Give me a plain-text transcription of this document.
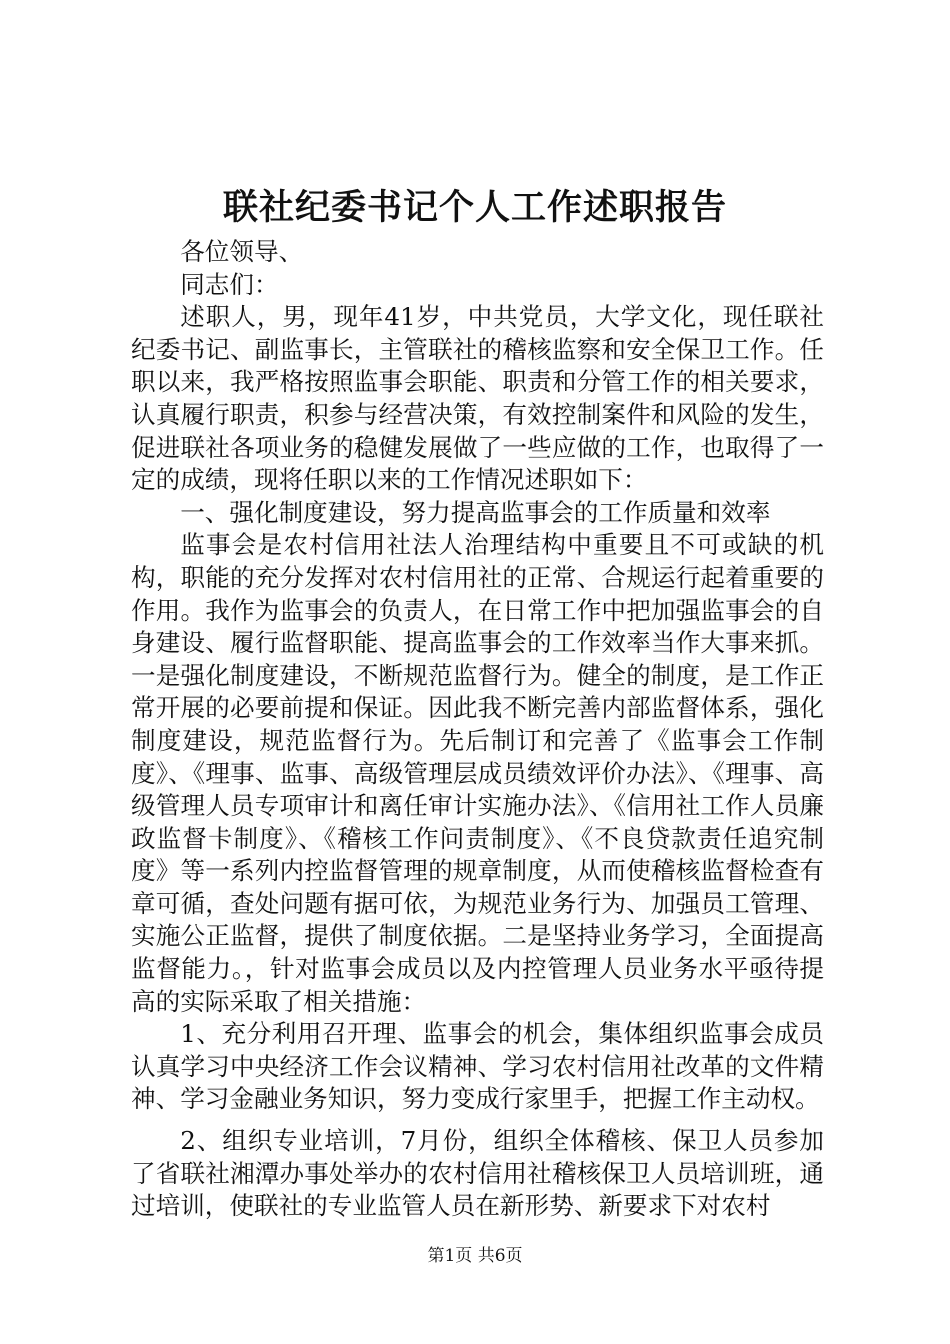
联社纪委书记个人工作述职报告

各位领导、

同志们：

述职人，男，现年41岁，中共党员，大学文化，现任联社纪委书记、副监事长，主管联社的稽核监察和安全保卫工作。任职以来，我严格按照监事会职能、职责和分管工作的相关要求，认真履行职责，积参与经营决策，有效控制案件和风险的发生，促进联社各项业务的稳健发展做了一些应做的工作，也取得了一定的成绩，现将任职以来的工作情况述职如下：

一、强化制度建设，努力提高监事会的工作质量和效率

监事会是农村信用社法人治理结构中重要且不可或缺的机构，职能的充分发挥对农村信用社的正常、合规运行起着重要的作用。我作为监事会的负责人，在日常工作中把加强监事会的自身建设、履行监督职能、提高监事会的工作效率当作大事来抓。一是强化制度建设，不断规范监督行为。健全的制度，是工作正常开展的必要前提和保证。因此我不断完善内部监督体系，强化制度建设，规范监督行为。先后制订和完善了《监事会工作制度》、《理事、监事、高级管理层成员绩效评价办法》、《理事、高级管理人员专项审计和离任审计实施办法》、《信用社工作人员廉政监督卡制度》、《稽核工作问责制度》、《不良贷款责任追究制度》等一系列内控监督管理的规章制度，从而使稽核监督检查有章可循，查处问题有据可依，为规范业务行为、加强员工管理、实施公正监督，提供了制度依据。二是坚持业务学习，全面提高监督能力。，针对监事会成员以及内控管理人员业务水平亟待提高的实际采取了相关措施：

1、充分利用召开理、监事会的机会，集体组织监事会成员认真学习中央经济工作会议精神、学习农村信用社改革的文件精神、学习金融业务知识，努力变成行家里手，把握工作主动权。

2、组织专业培训，7月份，组织全体稽核、保卫人员参加了省联社湘潭办事处举办的农村信用社稽核保卫人员培训班，通过培训，使联社的专业监管人员在新形势、新要求下对农村

第1页 共6页
